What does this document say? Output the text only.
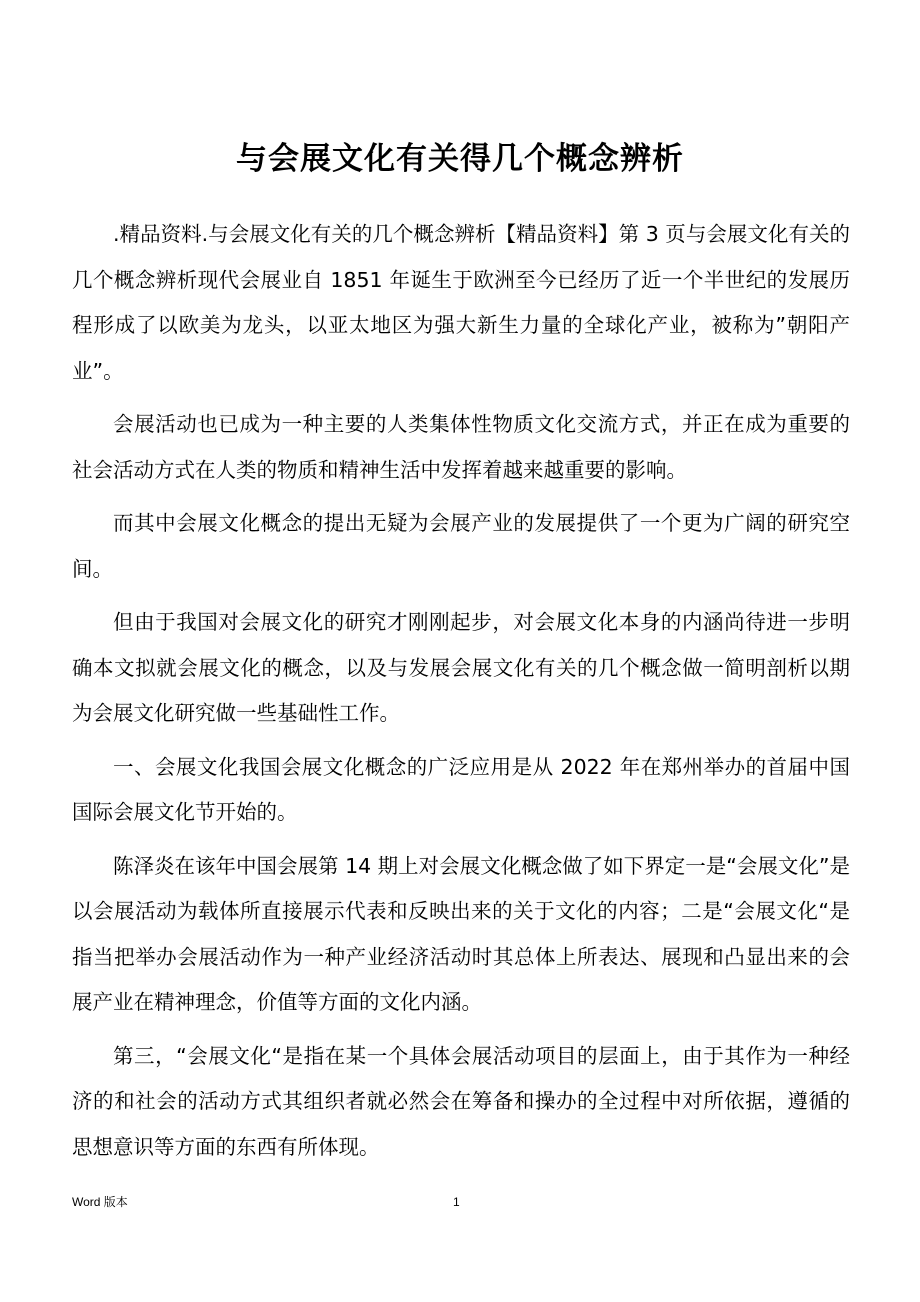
与会展文化有关得几个概念辨析

.精品资料.与会展文化有关的几个概念辨析【精品资料】第 3 页与会展文化有关的几个概念辨析现代会展业自 1851 年诞生于欧洲至今已经历了近一个半世纪的发展历程形成了以欧美为龙头，以亚太地区为强大新生力量的全球化产业，被称为”朝阳产业”。

会展活动也已成为一种主要的人类集体性物质文化交流方式，并正在成为重要的社会活动方式在人类的物质和精神生活中发挥着越来越重要的影响。

而其中会展文化概念的提出无疑为会展产业的发展提供了一个更为广阔的研究空间。

但由于我国对会展文化的研究才刚刚起步，对会展文化本身的内涵尚待进一步明确本文拟就会展文化的概念，以及与发展会展文化有关的几个概念做一简明剖析以期为会展文化研究做一些基础性工作。

一、会展文化我国会展文化概念的广泛应用是从 2022 年在郑州举办的首届中国国际会展文化节开始的。

陈泽炎在该年中国会展第 14 期上对会展文化概念做了如下界定一是“会展文化”是以会展活动为载体所直接展示代表和反映出来的关于文化的内容；二是“会展文化“是指当把举办会展活动作为一种产业经济活动时其总体上所表达、展现和凸显出来的会展产业在精神理念，价值等方面的文化内涵。

第三，“会展文化“是指在某一个具体会展活动项目的层面上，由于其作为一种经济的和社会的活动方式其组织者就必然会在筹备和操办的全过程中对所依据，遵循的思想意识等方面的东西有所体现。

Word 版本	1
